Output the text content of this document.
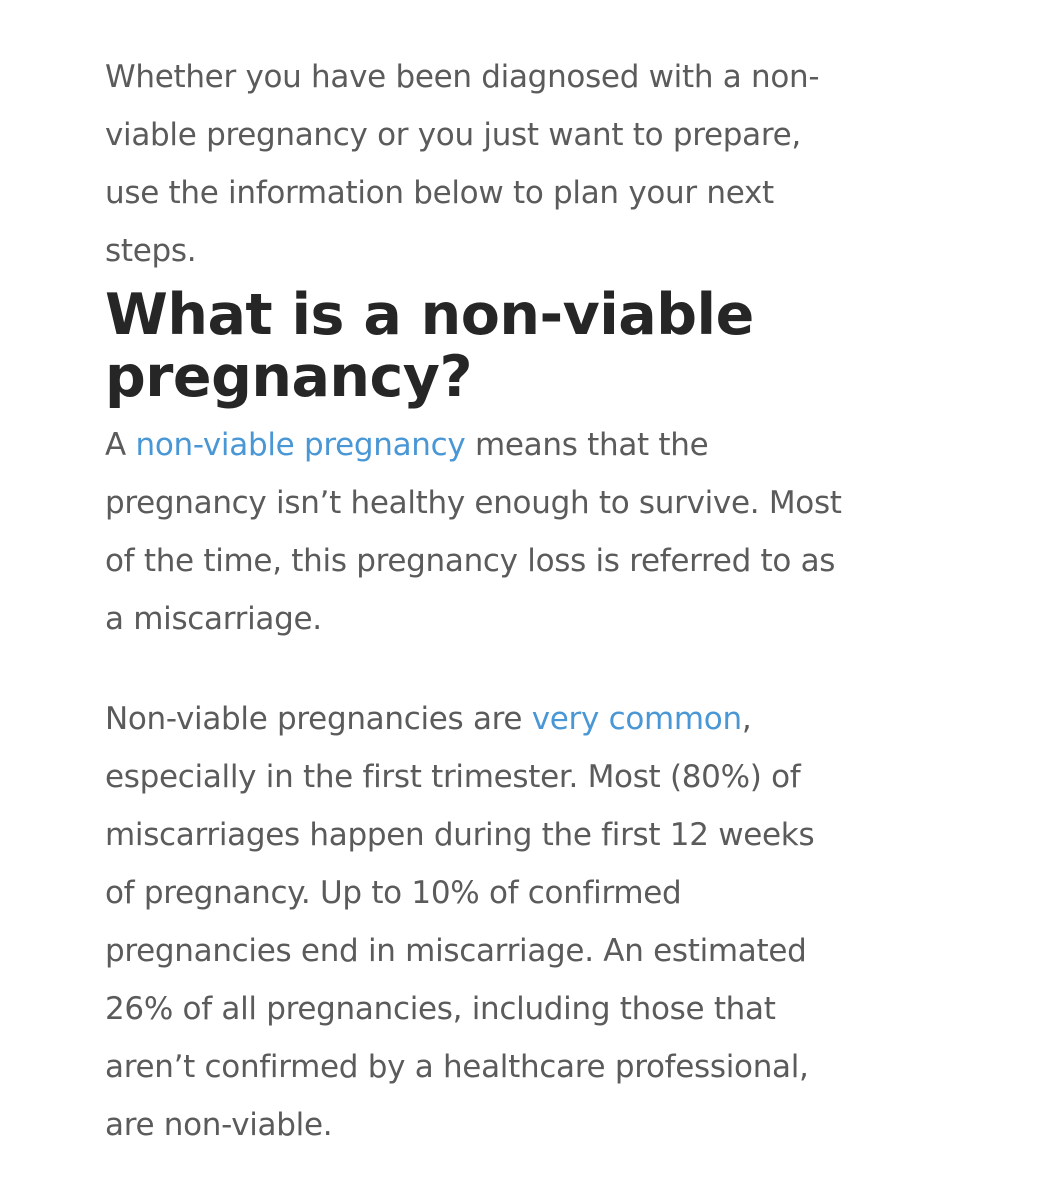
Whether you have been diagnosed with a non-
viable pregnancy or you just want to prepare,
use the information below to plan your next
steps.

What is a non-viable
pregnancy?

A non-viable pregnancy means that the
pregnancy isn’t healthy enough to survive. Most
of the time, this pregnancy loss is referred to as
a miscarriage.

Non-viable pregnancies are very common,
especially in the first trimester. Most (80%) of
miscarriages happen during the first 12 weeks
of pregnancy. Up to 10% of confirmed
pregnancies end in miscarriage. An estimated
26% of all pregnancies, including those that
aren’t confirmed by a healthcare professional,
are non-viable.
